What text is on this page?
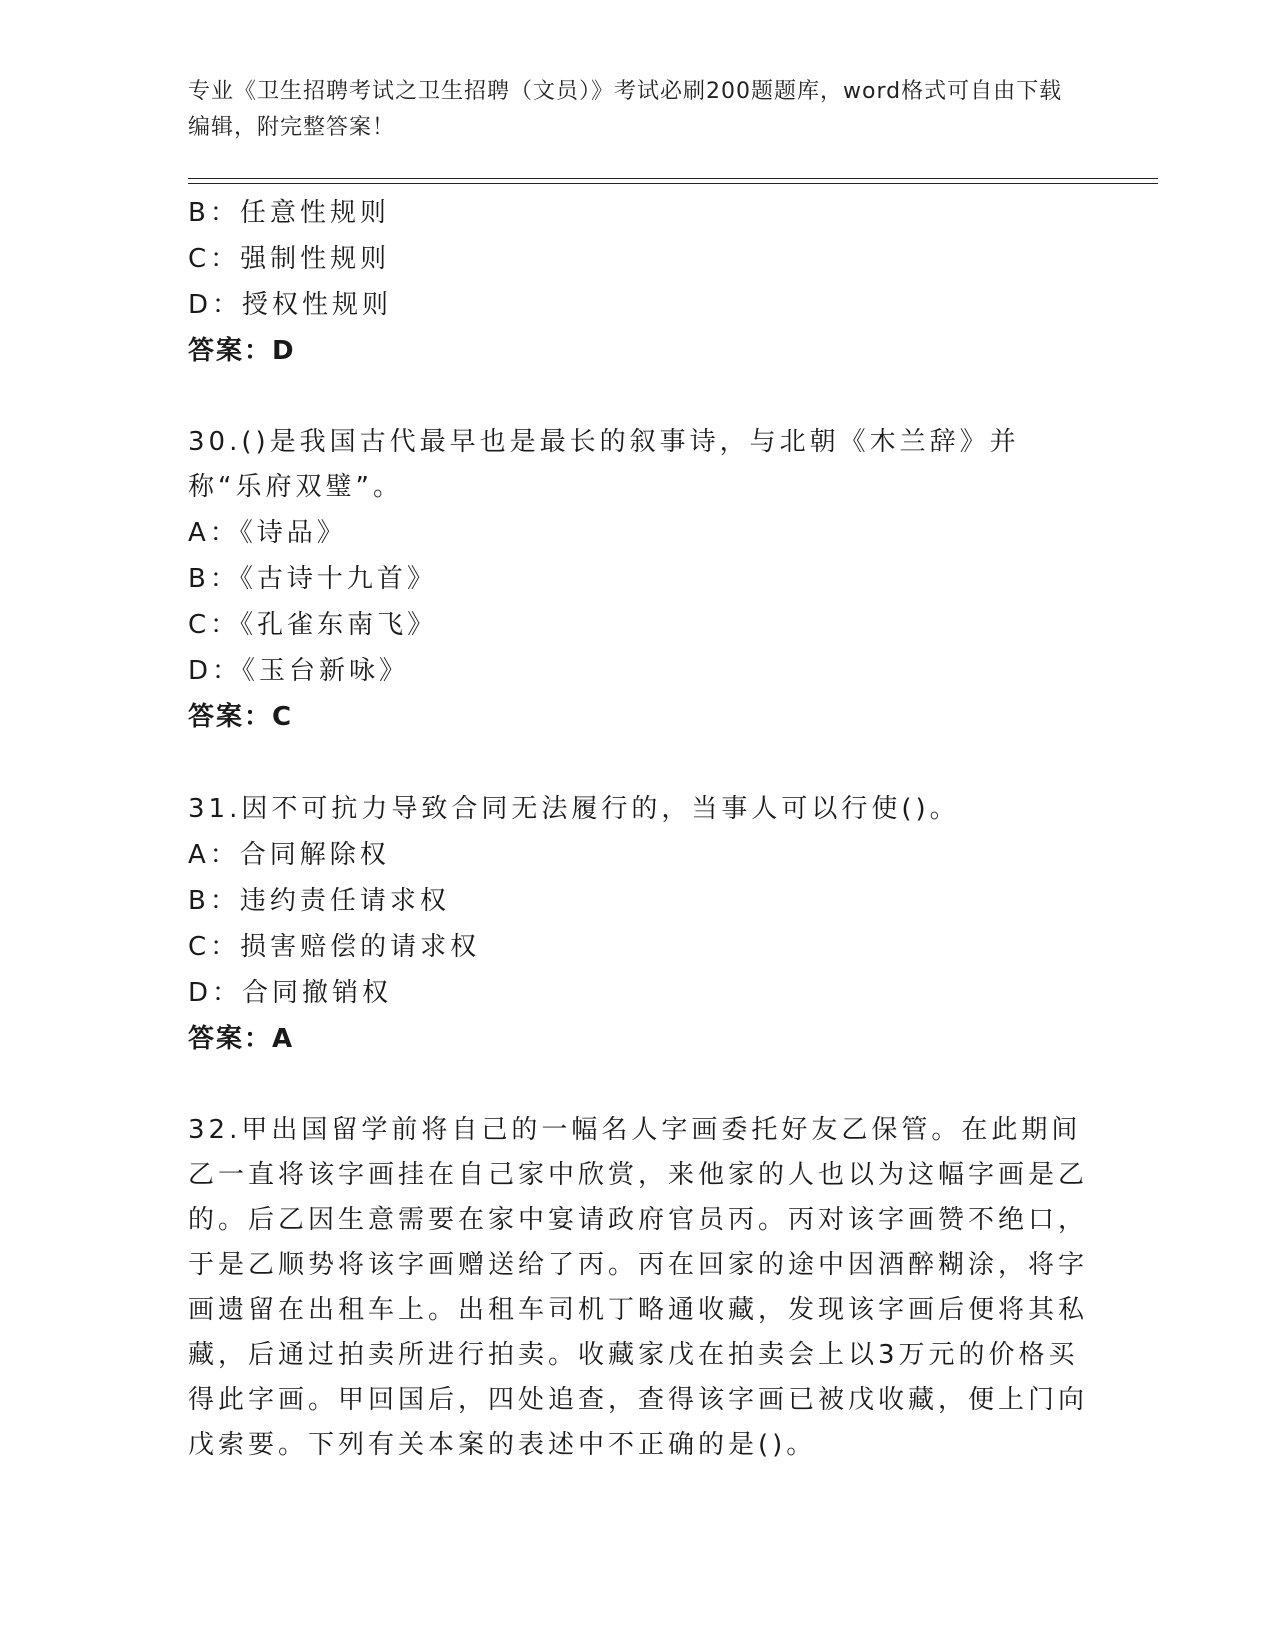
专业《卫生招聘考试之卫生招聘（文员）》考试必刷200题题库，word格式可自由下载编辑，附完整答案！
B：任意性规则
C：强制性规则
D：授权性规则
答案：D
30.()是我国古代最早也是最长的叙事诗，与北朝《木兰辞》并称“乐府双璧”。
A：《诗品》
B：《古诗十九首》
C：《孔雀东南飞》
D：《玉台新咏》
答案：C
31.因不可抗力导致合同无法履行的，当事人可以行使()。
A：合同解除权
B：违约责任请求权
C：损害赔偿的请求权
D：合同撤销权
答案：A
32.甲出国留学前将自己的一幅名人字画委托好友乙保管。在此期间乙一直将该字画挂在自己家中欣赏，来他家的人也以为这幅字画是乙的。后乙因生意需要在家中宴请政府官员丙。丙对该字画赞不绝口，于是乙顺势将该字画赠送给了丙。丙在回家的途中因酒醉糊涂，将字画遗留在出租车上。出租车司机丁略通收藏，发现该字画后便将其私藏，后通过拍卖所进行拍卖。收藏家戊在拍卖会上以3万元的价格买得此字画。甲回国后，四处追查，查得该字画已被戊收藏，便上门向戊索要。下列有关本案的表述中不正确的是()。
